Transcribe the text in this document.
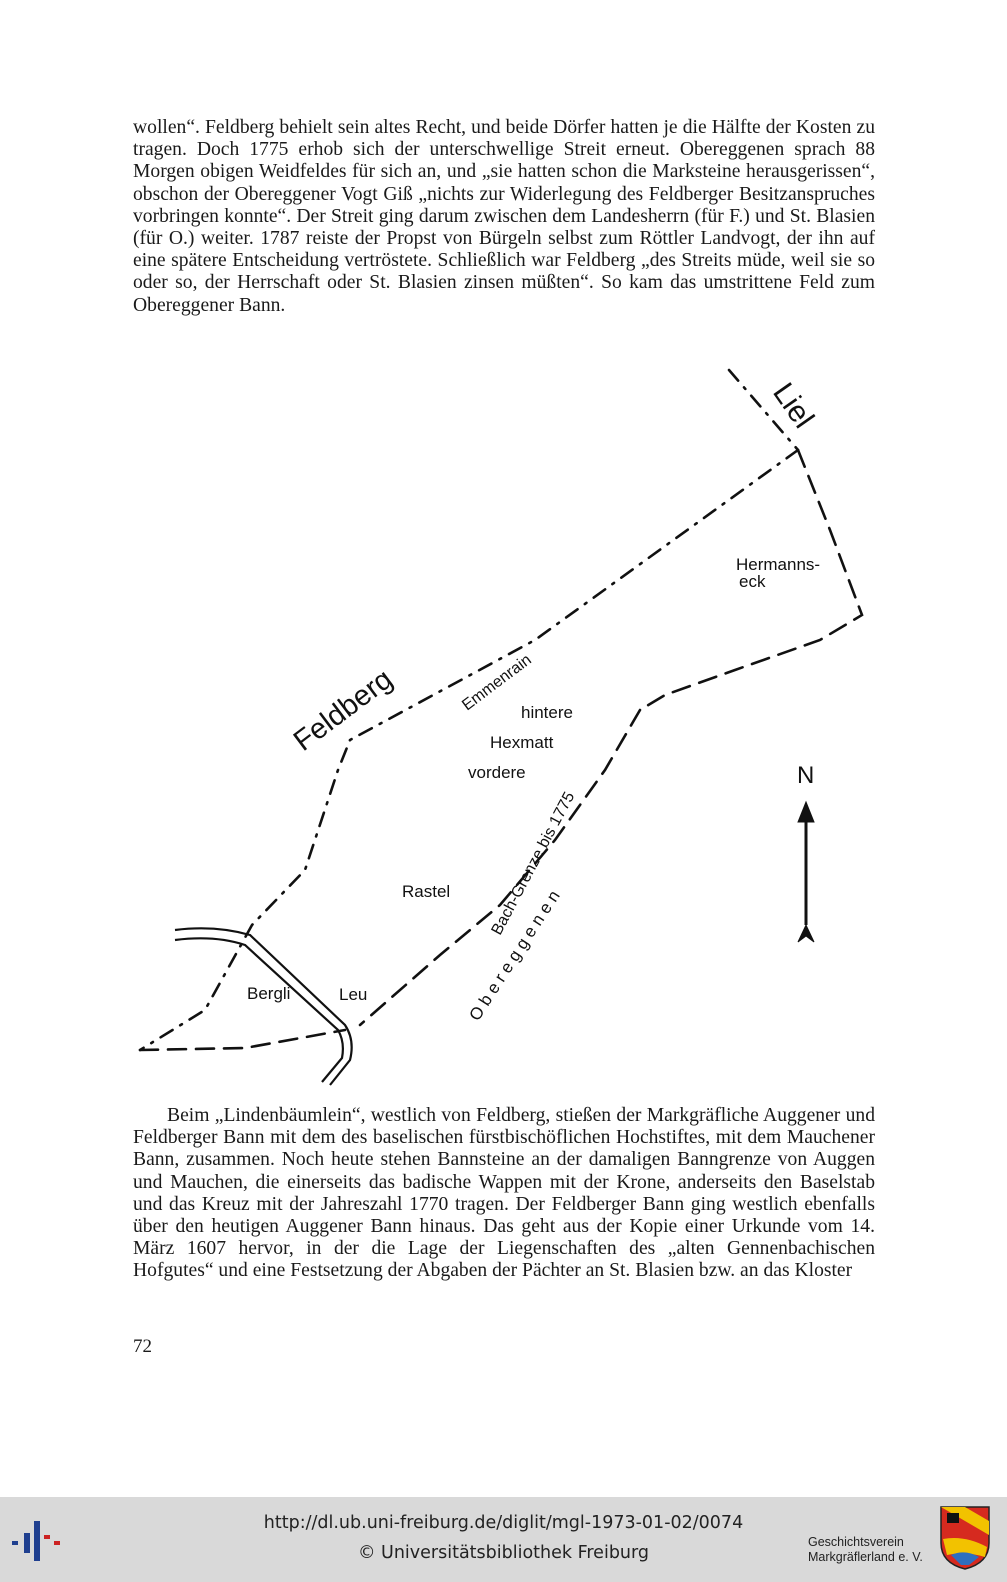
wollen“. Feldberg behielt sein altes Recht, und beide Dörfer hatten je die Hälfte der Kosten zu tragen. Doch 1775 erhob sich der unterschwellige Streit erneut. Obereggenen sprach 88 Morgen obigen Weidfeldes für sich an, und „sie hatten schon die Marksteine herausgerissen“, obschon der Obereggener Vogt Giß „nichts zur Widerlegung des Feldberger Besitzanspruches vorbringen konnte“. Der Streit ging darum zwischen dem Landesherrn (für F.) und St. Blasien (für O.) weiter. 1787 reiste der Propst von Bürgeln selbst zum Röttler Landvogt, der ihn auf eine spätere Entscheidung vertröstete. Schließlich war Feldberg „des Streits müde, weil sie so oder so, der Herrschaft oder St. Blasien zinsen müßten“. So kam das umstrittene Feld zum Obereggener Bann.

N
Liel
Feldberg
Hermanns-
eck
Emmenrain
hintere
Hexmatt
vordere
Rastel Bach-Grenze bis 1775
O b e r e g g e n e n
Bergli	Leu

Beim „Lindenbäumlein“, westlich von Feldberg, stießen der Markgräfliche Auggener und Feldberger Bann mit dem des baselischen fürstbischöflichen Hochstiftes, mit dem Mauchener Bann, zusammen. Noch heute stehen Bannsteine an der damaligen Banngrenze von Auggen und Mauchen, die einerseits das badische Wappen mit der Krone, anderseits den Baselstab und das Kreuz mit der Jahreszahl 1770 tragen. Der Feldberger Bann ging westlich ebenfalls über den heutigen Auggener Bann hinaus. Das geht aus der Kopie einer Urkunde vom 14. März 1607 hervor, in der die Lage der Liegenschaften des „alten Gennenbachischen Hofgutes“ und eine Festsetzung der Abgaben der Pächter an St. Blasien bzw. an das Kloster

72
http://dl.ub.uni-freiburg.de/diglit/mgl-1973-01-02/0074
© Universitätsbibliothek Freiburg
Geschichtsverein
Markgräflerland e. V.
